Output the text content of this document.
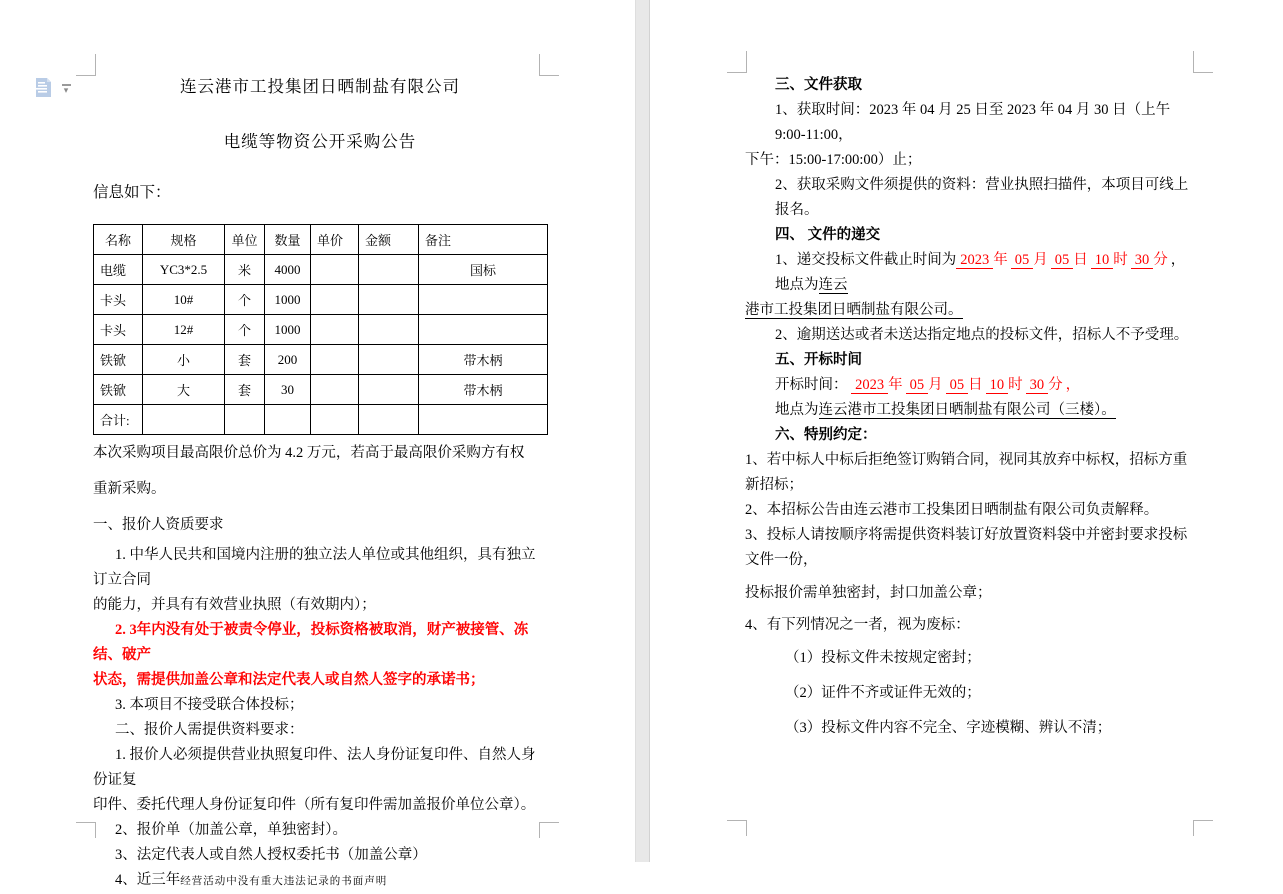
▾	连云港市工投集团日晒制盐有限公司
电缆等物资公开采购公告
信息如下：
名称	规格	单位	数量	单价	金额	备注
电缆	YC3*2.5	米	4000			国标
卡头	10#	个	1000			
卡头	12#	个	1000			
铁锨	小	套	200			带木柄
铁锨	大	套	30			带木柄
合计:						
本次采购项目最高限价总价为 4.2 万元，若高于最高限价采购方有权
重新采购。
一、报价人资质要求
1. 中华人民共和国境内注册的独立法人单位或其他组织，具有独立订立合同
的能力，并具有有效营业执照（有效期内）；
2. 3年内没有处于被责令停业，投标资格被取消，财产被接管、冻结、破产
状态，需提供加盖公章和法定代表人或自然人签字的承诺书；
3. 本项目不接受联合体投标；
二、报价人需提供资料要求：
1. 报价人必须提供营业执照复印件、法人身份证复印件、自然人身份证复
印件、委托代理人身份证复印件（所有复印件需加盖报价单位公章）。
2、报价单（加盖公章，单独密封）。
3、法定代表人或自然人授权委托书（加盖公章）
4、近三年经营活动中没有重大违法记录的书面声明
三、文件获取
1、获取时间：2023 年 04 月 25 日至 2023 年 04 月 30 日（上午 9:00-11:00，
下午：15:00-17:00:00）止；
2、获取采购文件须提供的资料：营业执照扫描件，本项目可线上报名。
四、 文件的递交
1、递交投标文件截止时间为 2023 年 05 月 05 日 10 时 30 分 ，地点为连云
港市工投集团日晒制盐有限公司。
2、逾期送达或者未送达指定地点的投标文件，招标人不予受理。
五、开标时间
开标时间： 2023 年 05 月 05 日 10 时 30 分 ，
地点为连云港市工投集团日晒制盐有限公司（三楼）。
六、特别约定：
1、若中标人中标后拒绝签订购销合同，视同其放弃中标权，招标方重新招标；
2、本招标公告由连云港市工投集团日晒制盐有限公司负责解释。
3、投标人请按顺序将需提供资料装订好放置资料袋中并密封要求投标文件一份，
投标报价需单独密封，封口加盖公章；
4、有下列情况之一者，视为废标：
（1）投标文件未按规定密封；
（2）证件不齐或证件无效的；
（3）投标文件内容不完全、字迹模糊、辨认不清；
